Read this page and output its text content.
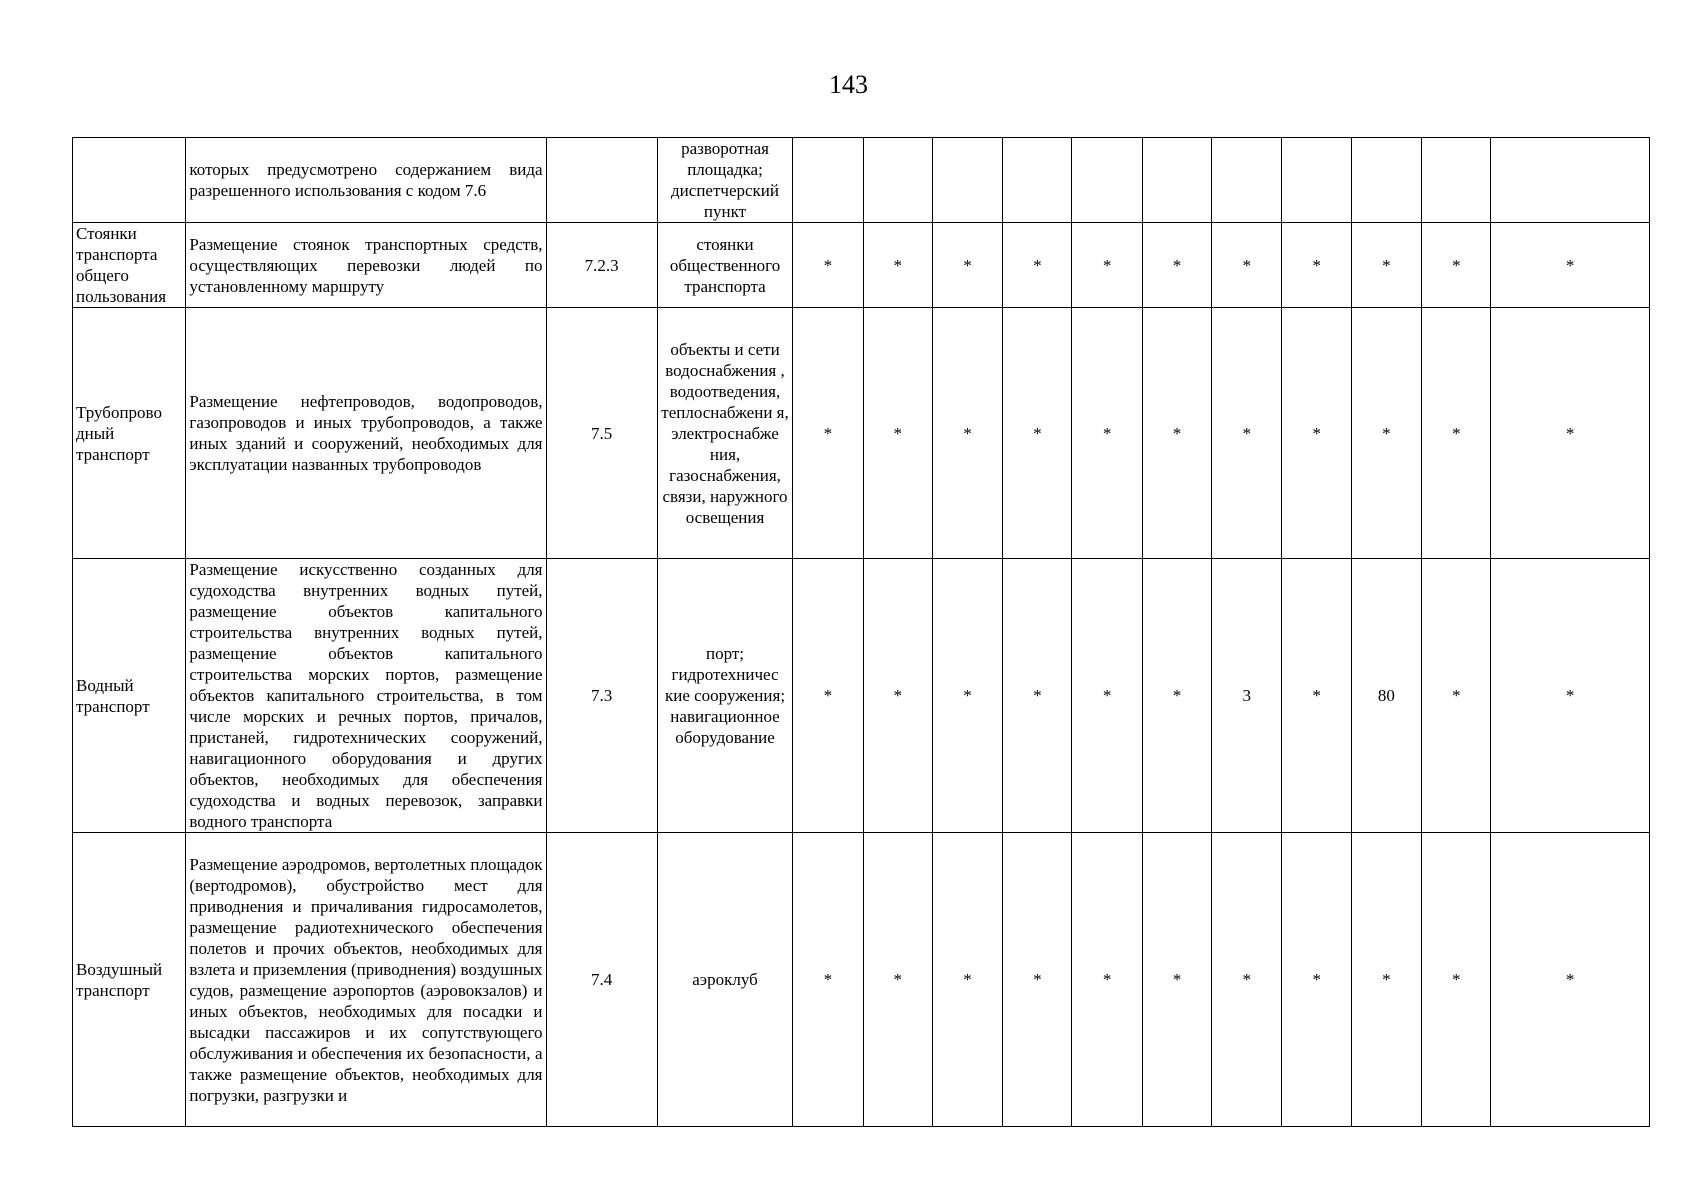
143
	которых предусмотрено содержанием вида разрешенного использования с кодом 7.6		разворотная площадка; диспетчерский пункт											
Стоянки транспорта общего пользования	Размещение стоянок транспортных средств, осуществляющих перевозки людей по установленному маршруту	7.2.3	стоянки общественного транспорта	*	*	*	*	*	*	*	*	*	*	*
Трубопрово дный транспорт	Размещение нефтепроводов, водопроводов, газопроводов и иных трубопроводов, а также иных зданий и сооружений, необходимых для эксплуатации названных трубопроводов	7.5	объекты и сети водоснабжения , водоотведения, теплоснабжени я, электроснабже ния, газоснабжения, связи, наружного освещения	*	*	*	*	*	*	*	*	*	*	*
Водный транспорт	Размещение искусственно созданных для судоходства внутренних водных путей, размещение объектов капитального строительства внутренних водных путей, размещение объектов капитального строительства морских портов, размещение объектов капитального строительства, в том числе морских и речных портов, причалов, пристаней, гидротехнических сооружений, навигационного оборудования и других объектов, необходимых для обеспечения судоходства и водных перевозок, заправки водного транспорта	7.3	порт; гидротехничес кие сооружения; навигационное оборудование	*	*	*	*	*	*	3	*	80	*	*
Воздушный транспорт	Размещение аэродромов, вертолетных площадок (вертодромов), обустройство мест для приводнения и причаливания гидросамолетов, размещение радиотехнического обеспечения полетов и прочих объектов, необходимых для взлета и приземления (приводнения) воздушных судов, размещение аэропортов (аэровокзалов) и иных объектов, необходимых для посадки и высадки пассажиров и их сопутствующего обслуживания и обеспечения их безопасности, а также размещение объектов, необходимых для погрузки, разгрузки и	7.4	аэроклуб	*	*	*	*	*	*	*	*	*	*	*
